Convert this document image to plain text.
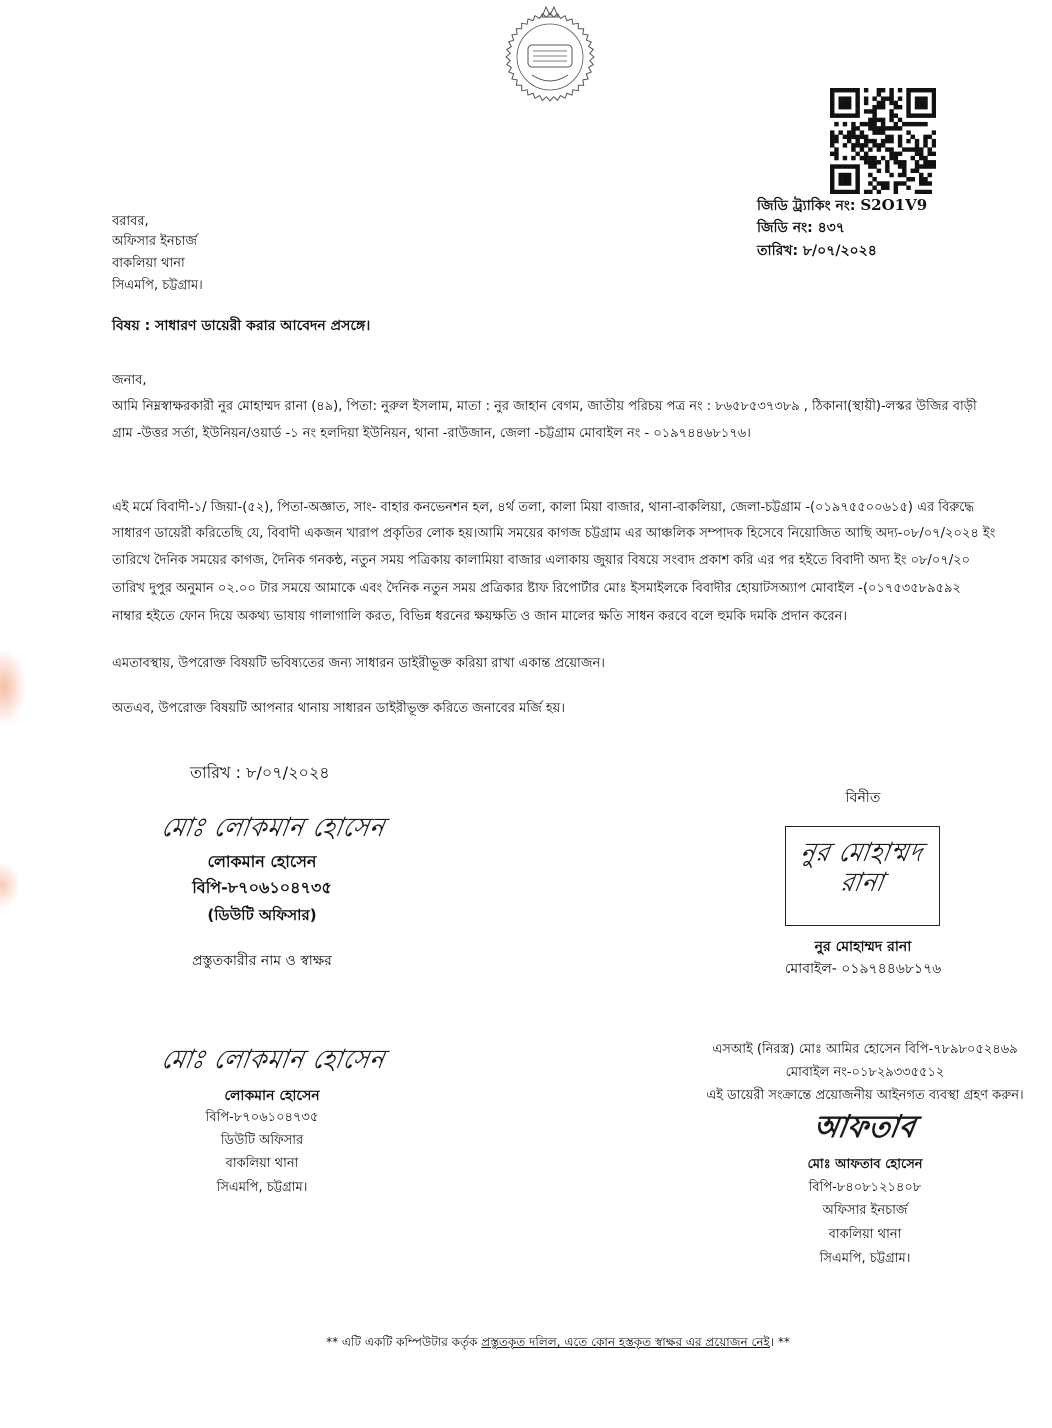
জিডি ট্র্যাকিং নং: S2O1V9
জিডি নং: ৪৩৭
তারিখ: ৮/০৭/২০২৪
বরাবর,
অফিসার ইনচার্জ
বাকলিয়া থানা
সিএমপি, চট্টগ্রাম।
বিষয় : সাধারণ ডায়েরী করার আবেদন প্রসঙ্গে।
জনাব,
আমি নিম্নস্বাক্ষরকারী নুর মোহাম্মদ রানা (৪৯), পিতা: নুরুল ইসলাম, মাতা : নুর জাহান বেগম, জাতীয় পরিচয় পত্র নং : ৮৬৫৮৫৩৭৩৮৯ , ঠিকানা(স্থায়ী)-লস্কর উজির বাড়ী
গ্রাম -উত্তর সর্তা, ইউনিয়ন/ওয়ার্ড -১ নং হলদিয়া ইউনিয়ন, থানা -রাউজান, জেলা -চট্টগ্রাম মোবাইল নং - ০১৯৭৪৪৬৮১৭৬।
এই মর্মে বিবাদী-১/ জিয়া-(৫২), পিতা-অজ্ঞাত, সাং- বাহার কনভেনশন হল, ৪র্থ তলা, কালা মিয়া বাজার, থানা-বাকলিয়া, জেলা-চট্টগ্রাম -(০১৯৭৫৫০০৬১৫) এর বিরুদ্ধে
সাধারণ ডায়েরী করিতেছি যে, বিবাদী একজন খারাপ প্রকৃতির লোক হয়।আমি সময়ের কাগজ চট্টগ্রাম এর আঞ্চলিক সম্পাদক হিসেবে নিয়োজিত আছি অদ্য-০৮/০৭/২০২৪ ইং
তারিখে দৈনিক সময়ের কাগজ, দৈনিক গনকন্ঠ, নতুন সময় পত্রিকায় কালামিয়া বাজার এলাকায় জুয়ার বিষয়ে সংবাদ প্রকাশ করি এর পর হইতে বিবাদী অদ্য ইং ০৮/০৭/২০
তারিখ দুপুর অনুমান ০২.০০ টার সময়ে আমাকে এবং দৈনিক নতুন সময় প্রত্রিকার ষ্টাফ রিপোর্টার মোঃ ইসমাইলকে বিবাদীর হোয়াটসঅ্যাপ মোবাইল -(০১৭৫৩৫৮৯৫৯২
নাম্বার হইতে ফোন দিয়ে অকথ্য ভাষায় গালাগালি করত, বিভিন্ন ধরনের ক্ষয়ক্ষতি ও জান মালের ক্ষতি সাধন করবে বলে হুমকি দমকি প্রদান করেন।
এমতাবস্থায়, উপরোক্ত বিষয়টি ভবিষ্যতের জন্য সাধারন ডাইরীভূক্ত করিয়া রাখা একান্ত প্রয়োজন।
অতএব, উপরোক্ত বিষয়টি আপনার থানায় সাধারন ডাইরীভূক্ত করিতে জনাবের মর্জি হয়।
তারিখ : ৮/০৭/২০২৪
বিনীত
মোঃ লোকমান হোসেন
লোকমান হোসেন
বিপি-৮৭০৬১০৪৭৩৫
(ডিউটি অফিসার)
প্রস্তুতকারীর নাম ও স্বাক্ষর
নুর মোহাম্মদ
রানা
নুর মোহাম্মদ রানা
মোবাইল- ০১৯৭৪৪৬৮১৭৬
মোঃ লোকমান হোসেন
লোকমান হোসেন
বিপি-৮৭০৬১০৪৭৩৫
ডিউটি অফিসার
বাকলিয়া থানা
সিএমপি, চট্টগ্রাম।
এসআই (নিরস্ত্র) মোঃ আমির হোসেন বিপি-৭৮৯৮০৫২৪৬৯
মোবাইল নং-০১৮২৯৩৩৫৫১২
এই ডায়েরী সংক্রান্তে প্রয়োজনীয় আইনগত ব্যবস্থা গ্রহণ করুন।
আফতাব
মোঃ আফতাব হোসেন
বিপি-৮৪০৮১২১৪০৮
অফিসার ইনচার্জ
বাকলিয়া থানা
সিএমপি, চট্টগ্রাম।
** এটি একটি কম্পিউটার কর্তৃক প্রস্তুতকৃত দলিল, এতে কোন হস্তকৃত স্বাক্ষর এর প্রয়োজন নেই। **
